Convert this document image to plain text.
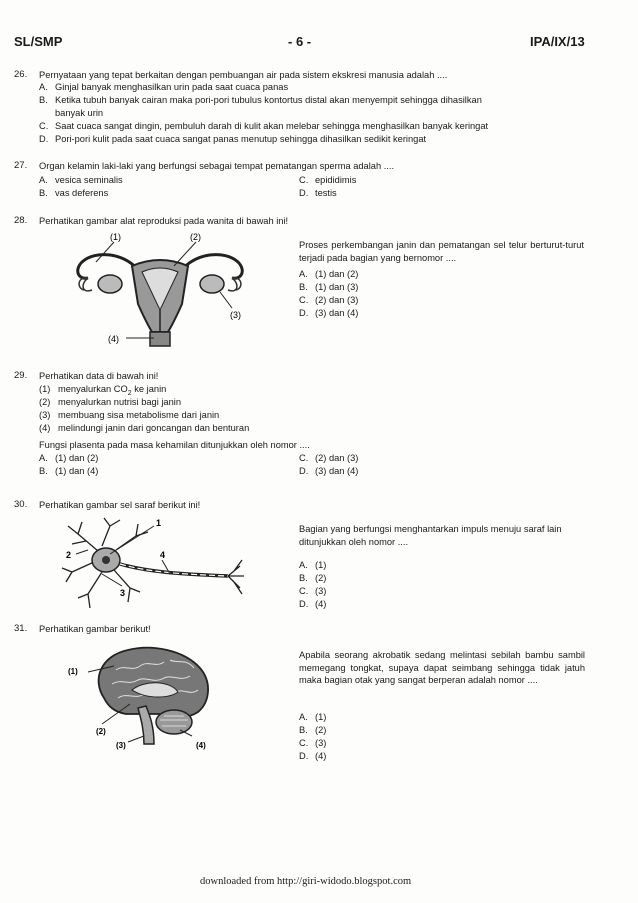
SL/SMP	- 6 -	IPA/IX/13
26. Pernyataan yang tepat berkaitan dengan pembuangan air pada sistem ekskresi manusia adalah ....
A. Ginjal banyak menghasilkan urin pada saat cuaca panas
B. Ketika tubuh banyak cairan maka pori-pori tubulus kontortus distal akan menyempit sehingga dihasilkan
banyak urin
C. Saat cuaca sangat dingin, pembuluh darah di kulit akan melebar sehingga menghasilkan banyak keringat
D. Pori-pori kulit pada saat cuaca sangat panas menutup sehingga dihasilkan sedikit keringat
27. Organ kelamin laki-laki yang berfungsi sebagai tempat pematangan sperma adalah ....
A. vesica seminalis
B. vas deferens
C. epididimis
D. testis
28. Perhatikan gambar alat reproduksi pada wanita di bawah ini!
(1)	(2)
(3)
(4)
Proses perkembangan janin dan pematangan sel telur berturut-turut terjadi pada bagian yang bernomor ....
A. (1) dan (2)
B. (1) dan (3)
C. (2) dan (3)
D. (3) dan (4)
29. Perhatikan data di bawah ini!
(1) menyalurkan $CO_2$ ke janin
(2) menyalurkan nutrisi bagi janin
(3) membuang sisa metabolisme dari janin
(4) melindungi janin dari goncangan dan benturan
Fungsi plasenta pada masa kehamilan ditunjukkan oleh nomor ....
A. (1) dan (2)
B. (1) dan (4)
C. (2) dan (3)
D. (3) dan (4)
30. Perhatikan gambar sel saraf berikut ini!
1
2
3
4
Bagian yang berfungsi menghantarkan impuls menuju saraf lain ditunjukkan oleh nomor ....
A. (1)
B. (2)
C. (3)
D. (4)
31. Perhatikan gambar berikut!
(1)
(2)
(3)	(4)
Apabila seorang akrobatik sedang melintasi sebilah bambu sambil memegang tongkat, supaya dapat seimbang sehingga tidak jatuh maka bagian otak yang sangat berperan adalah nomor ....
A. (1)
B. (2)
C. (3)
D. (4)
downloaded from http://giri-widodo.blogspot.com
